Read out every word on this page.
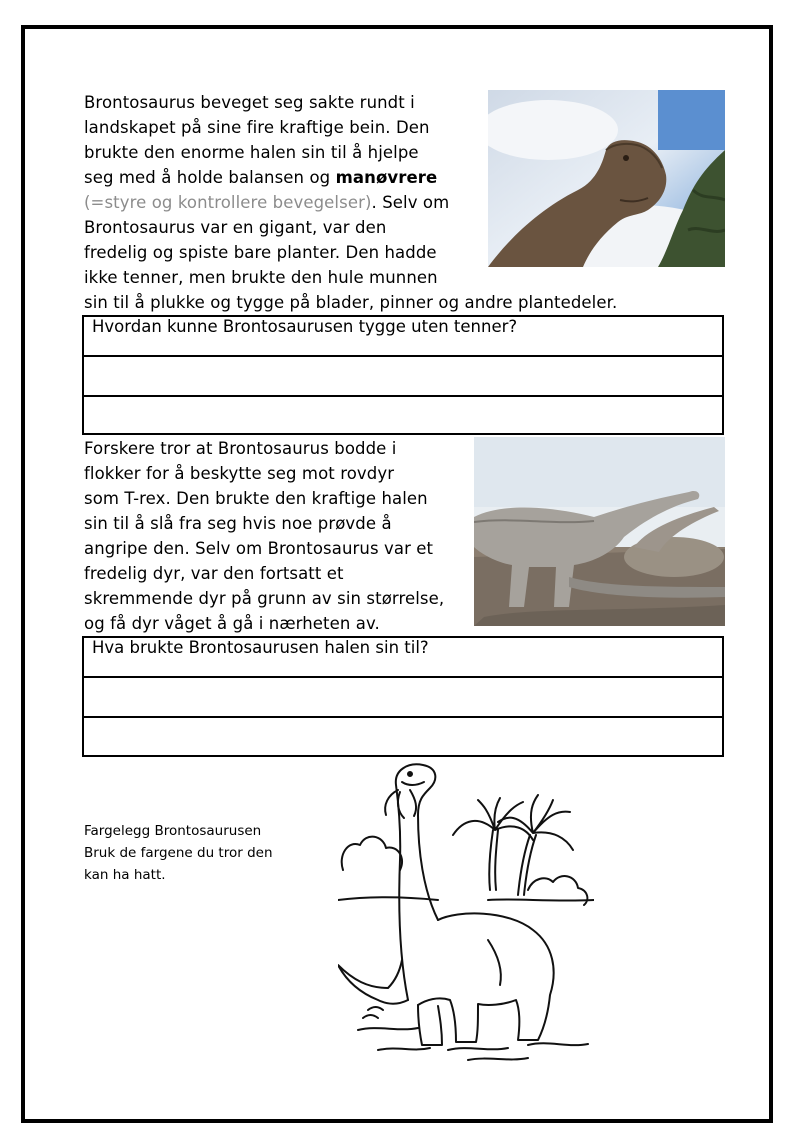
Brontosaurus beveget seg sakte rundt i
landskapet på sine fire kraftige bein. Den
brukte den enorme halen sin til å hjelpe
seg med å holde balansen og manøvrere
(=styre og kontrollere bevegelser). Selv om
Brontosaurus var en gigant, var den
fredelig og spiste bare planter. Den hadde
ikke tenner, men brukte den hule munnen
sin til å plukke og tygge på blader, pinner og andre plantedeler.
Hvordan kunne Brontosaurusen tygge uten tenner?
Forskere tror at Brontosaurus bodde i
flokker for å beskytte seg mot rovdyr
som T-rex. Den brukte den kraftige halen
sin til å slå fra seg hvis noe prøvde å
angripe den. Selv om Brontosaurus var et
fredelig dyr, var den fortsatt et
skremmende dyr på grunn av sin størrelse,
og få dyr våget å gå i nærheten av.
Hva brukte Brontosaurusen halen sin til?
Fargelegg Brontosaurusen
Bruk de fargene du tror den
kan ha hatt.
